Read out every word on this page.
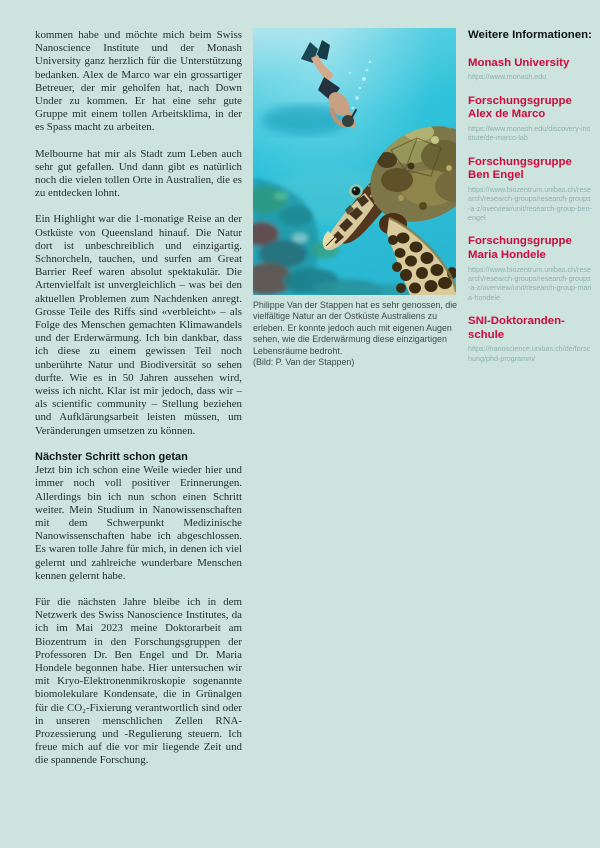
kommen habe und möchte mich beim Swiss Nanoscience Institute und der Monash University ganz herzlich für die Unterstützung bedanken. Alex de Marco war ein grossartiger Betreuer, der mir geholfen hat, nach Down Under zu kommen. Er hat eine sehr gute Gruppe mit einem tollen Arbeitsklima, in der es Spass macht zu arbeiten.

Melbourne hat mir als Stadt zum Leben auch sehr gut gefallen. Und dann gibt es natürlich noch die vielen tollen Orte in Australien, die es zu entdecken lohnt.

Ein Highlight war die 1-monatige Reise an der Ostküste von Queensland hinauf. Die Natur dort ist unbeschreiblich und einzigartig. Schnorcheln, tauchen, und surfen am Great Barrier Reef waren absolut spektakulär. Die Artenvielfalt ist unvergleichlich – was bei den aktuellen Problemen zum Nachdenken anregt. Grosse Teile des Riffs sind «verbleicht» – als Folge des Menschen gemachten Klimawandels und der Erderwärmung. Ich bin dankbar, dass ich diese zu einem gewissen Teil noch unberührte Natur und Biodiversität so sehen durfte. Wie es in 50 Jahren aussehen wird, weiss ich nicht. Klar ist mir jedoch, dass wir – als scientific community – Stellung beziehen und Aufklärungsarbeit leisten müssen, um Veränderungen umsetzen zu können.

Nächster Schritt schon getan

Jetzt bin ich schon eine Weile wieder hier und immer noch voll positiver Erinnerungen. Allerdings bin ich nun schon einen Schritt weiter. Mein Studium in Nanowissenschaften mit dem Schwerpunkt Medizinische Nanowissenschaften habe ich abgeschlossen. Es waren tolle Jahre für mich, in denen ich viel gelernt und zahlreiche wunderbare Menschen kennen gelernt habe.

Für die nächsten Jahre bleibe ich in dem Netzwerk des Swiss Nanoscience Institutes, da ich im Mai 2023 meine Doktorarbeit am Biozentrum in den Forschungsgruppen der Professoren Dr. Ben Engel und Dr. Maria Hondele begonnen habe. Hier untersuchen wir mit Kryo-Elektronenmikroskopie sogenannte biomolekulare Kondensate, die in Grünalgen für die CO₂-Fixierung verantwortlich sind oder in unseren menschlichen Zellen RNA-Prozessierung und -Regulierung steuern. Ich freue mich auf die vor mir liegende Zeit und die spannende Forschung.

Philippe Van der Stappen hat es sehr genossen, die vielfältige Natur an der Ostküste Australiens zu erleben. Er konnte jedoch auch mit eigenen Augen sehen, wie die Erderwärmung diese einzigartigen Lebensräume bedroht.
(Bild: P. Van der Stappen)
Weitere Informationen:
Monash University
https://www.monash.edu
Forschungsgruppe Alex de Marco
https://www.monash.edu/discovery-institute/de-marco-lab
Forschungsgruppe Ben Engel
https://www.biozentrum.unibas.ch/research/research-groups/research-groups-a-z/overview/unit/research-group-ben-engel
Forschungsgruppe Maria Hondele
https://www.biozentrum.unibas.ch/research/research-groups/research-groups-a-z/overview/unit/research-group-maria-hondele
SNI-Doktoranden-schule
https://nanoscience.unibas.ch/de/forschung/phd-programm/
